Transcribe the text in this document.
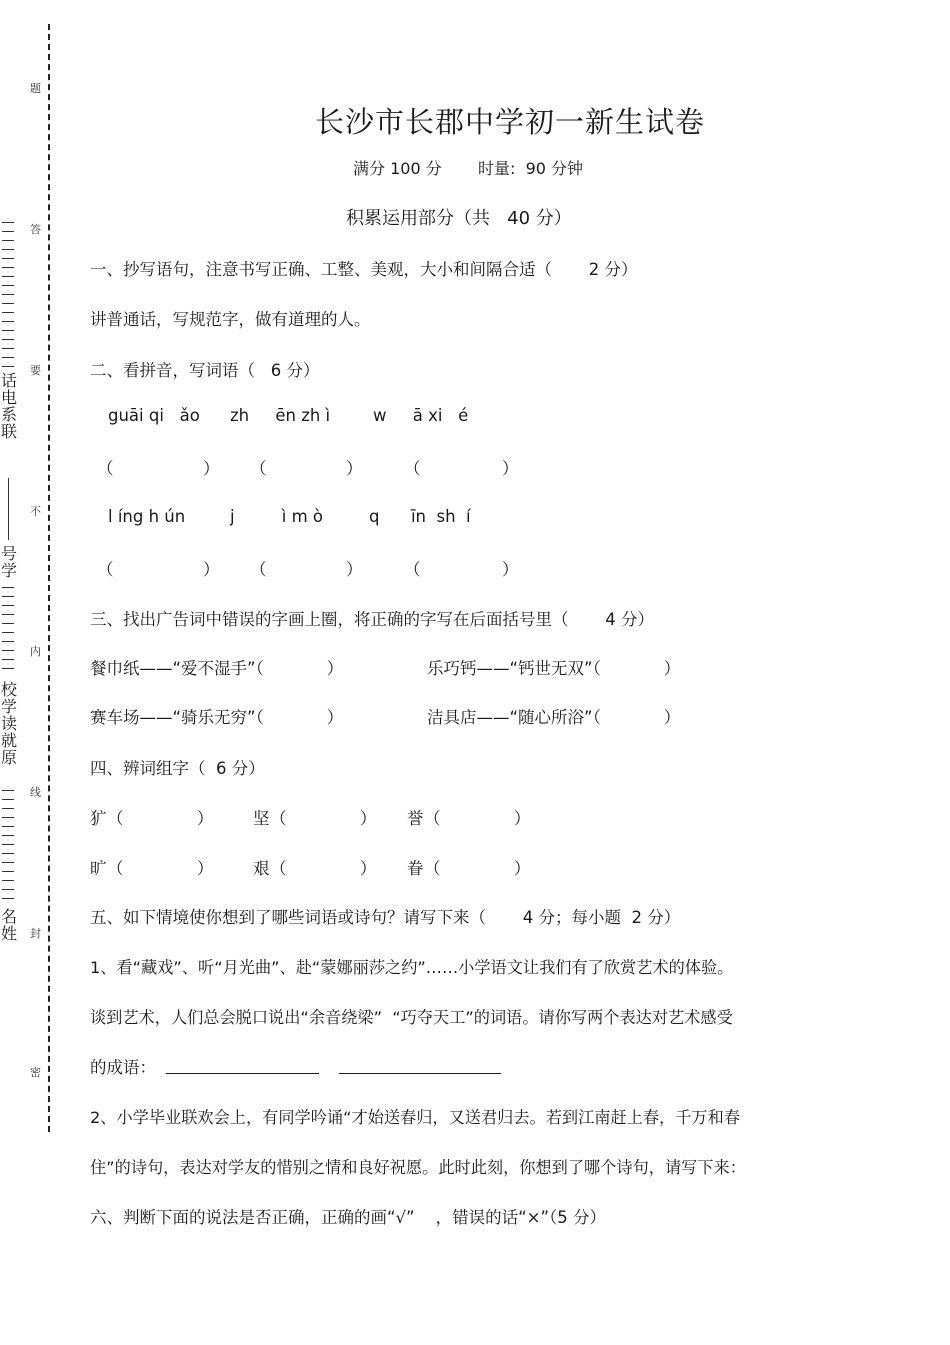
题
答
要
不
内
线
封
密
话
电
系
联
号
学
校
学
读
就
原
名
姓
长沙市长郡中学初一新生试卷
满分 100 分 时量:  90 分钟
积累运用部分（共   40 分）
一、抄写语句，注意书写正确、工整、美观，大小和间隔合适（       2 分）
讲普通话，写规范字，做有道理的人。
二、看拼音，写词语（   6 分）
guāi qi   ǎo zh     ēn zh ì	w     ā xi   é
（	） （	）	（	）
l íng h ún	j         ì m ò	q      īn  sh  í
（	） （	）	（	）
三、找出广告词中错误的字画上圈，将正确的字写在后面括号里（       4 分）
餐巾纸——“爱不湿手”（            ）	乐巧钙——“钙世无双”（            ）
赛车场——“骑乐无穷”（            ）	洁具店——“随心所浴”（            ）
四、辨词组字（  6 分）
犷 （              ） 坚 （              ） 誉 （              ）
旷 （              ） 艰 （              ） 眷 （              ）
五、如下情境使你想到了哪些词语或诗句？请写下来（       4 分；每小题  2 分）
1、看“藏戏”、听“月光曲”、赴“蒙娜丽莎之约”……小学语文让我们有了欣赏艺术的体验。
谈到艺术，人们总会脱口说出“余音绕梁”  “巧夺天工”的词语。请你写两个表达对艺术感受
的成语：
2、小学毕业联欢会上，有同学吟诵“才始送春归，又送君归去。若到江南赶上春，千万和春
住”的诗句，表达对学友的惜别之情和良好祝愿。此时此刻，你想到了哪个诗句，请写下来：
六、判断下面的说法是否正确，正确的画“√”    ，错误的话“×”（5 分）
